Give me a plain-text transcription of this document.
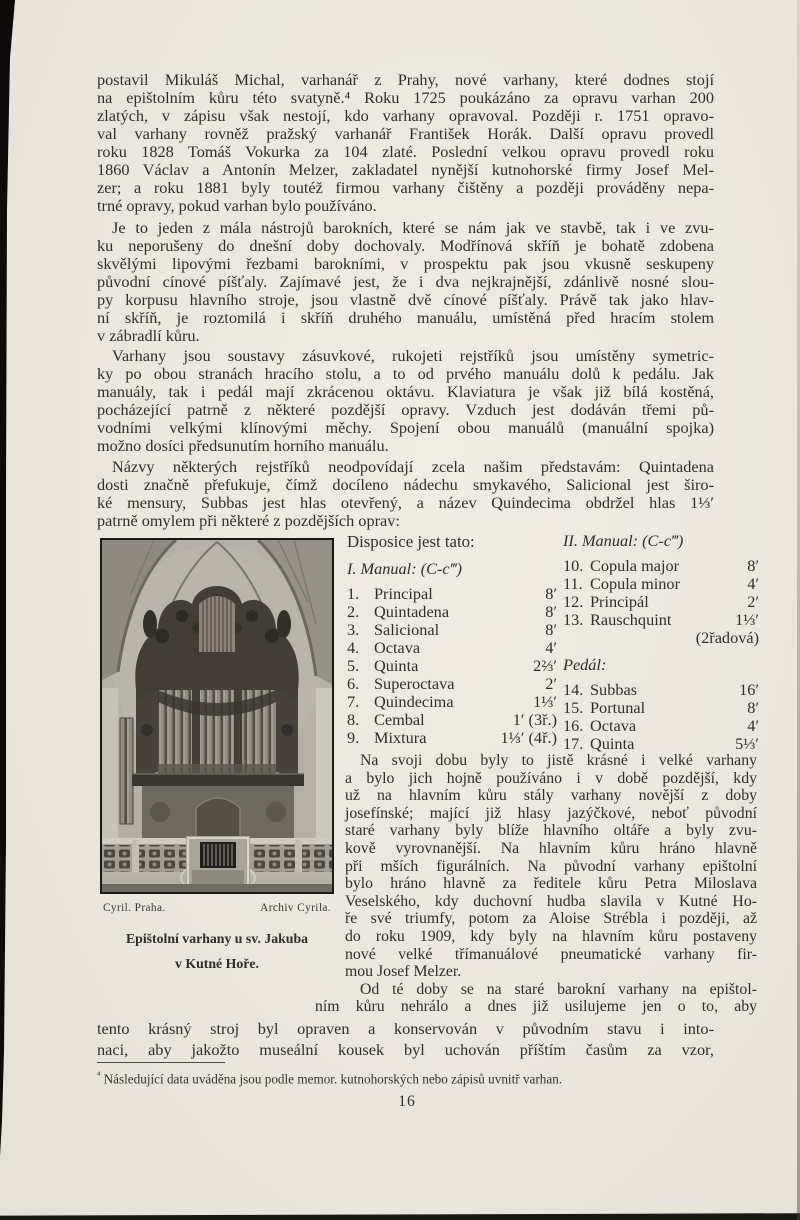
postavil Mikuláš Michal, varhanář z Prahy, nové varhany, které dodnes stojí
na epištolním kůru této svatyně.⁴ Roku 1725 poukázáno za opravu varhan 200
zlatých, v zápisu však nestojí, kdo varhany opravoval. Později r. 1751 opravo-
val varhany rovněž pražský varhanář František Horák. Další opravu provedl
roku 1828 Tomáš Vokurka za 104 zlaté. Poslední velkou opravu provedl roku
1860 Václav a Antonín Melzer, zakladatel nynější kutnohorské firmy Josef Mel-
zer; a roku 1881 byly toutéž firmou varhany čištěny a později prováděny nepa-
trné opravy, pokud varhan bylo používáno.
Je to jeden z mála nástrojů barokních, které se nám jak ve stavbě, tak i ve zvu-
ku neporušeny do dnešní doby dochovaly. Modřínová skříň je bohatě zdobena
skvělými lipovými řezbami barokními, v prospektu pak jsou vkusně seskupeny
původní cínové píšťaly. Zajímavé jest, že i dva nejkrajnější, zdánlivě nosné slou-
py korpusu hlavního stroje, jsou vlastně dvě cínové píšťaly. Právě tak jako hlav-
ní skříň, je roztomilá i skříň druhého manuálu, umístěná před hracím stolem
v zábradlí kůru.
Varhany jsou soustavy zásuvkové, rukojeti rejstříků jsou umístěny symetric-
ky po obou stranách hracího stolu, a to od prvého manuálu dolů k pedálu. Jak
manuály, tak i pedál mají zkrácenou oktávu. Klaviatura je však již bílá kostěná,
pocházející patrně z některé pozdější opravy. Vzduch jest dodáván třemi pů-
vodními velkými klínovými měchy. Spojení obou manuálů (manuální spojka)
možno dosíci předsunutím horního manuálu.
Názvy některých rejstříků neodpovídají zcela našim představám: Quintadena
dosti značně přefukuje, čímž docíleno nádechu smykavého, Salicional jest širo-
ké mensury, Subbas jest hlas otevřený, a název Quindecima obdržel hlas 1⅓′
patrně omylem při některé z pozdějších oprav:
Cyril. Praha.	Archiv Cyrila.
Epištolní varhany u sv. Jakuba
v Kutné Hoře.
Disposice jest tato:
I. Manual: (C-c‴)
1. Principal	8′
2. Quintadena	8′
3. Salicional	8′
4. Octava	4′
5. Quinta	2⅔′
6. Superoctava	2′
7. Quindecima	1⅓′
8. Cembal	1′ (3ř.)
9. Mixtura	1⅓′ (4ř.)
II. Manual: (C-c‴)
10. Copula major	8′
11. Copula minor	4′
12. Principál	2′
13. Rauschquint	1⅓′
(2řadová)
Pedál:
14. Subbas	16′
15. Portunal	8′
16. Octava	4′
17. Quinta	5⅓′
Na svoji dobu byly to jistě krásné i velké varhany
a bylo jich hojně používáno i v době pozdější, kdy
už na hlavním kůru stály varhany novější z doby
josefínské; mající již hlasy jazýčkové, neboť původní
staré varhany byly blíže hlavního oltáře a byly zvu-
kově vyrovnanější. Na hlavním kůru hráno hlavně
při mších figurálních. Na původní varhany epištolní
bylo hráno hlavně za ředitele kůru Petra Miloslava
Veselského, kdy duchovní hudba slavila v Kutné Ho-
ře své triumfy, potom za Aloise Strébla i později, až
do roku 1909, kdy byly na hlavním kůru postaveny
nové velké třímanuálové pneumatické varhany fir-
mou Josef Melzer.
Od té doby se na staré barokní varhany na epištol-
ním kůru nehrálo a dnes již usilujeme jen o to, aby
tento krásný stroj byl opraven a konservován v původním stavu i into-
naci, aby jakožto museální kousek byl uchován příštím časům za vzor,
$^{^4}$ Následující data uváděna jsou podle memor. kutnohorských nebo zápisů uvnitř varhan.
16
